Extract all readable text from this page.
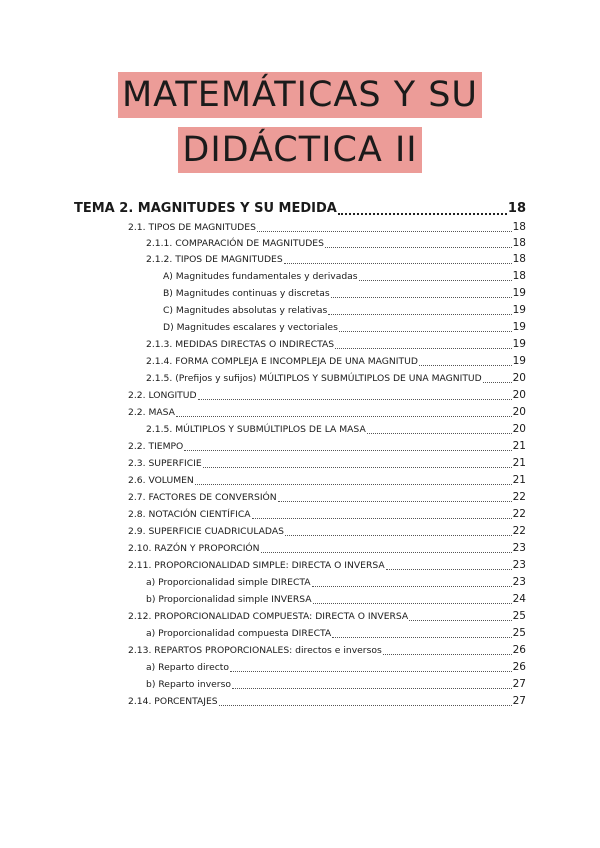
MATEMÁTICAS Y SU
DIDÁCTICA II
TEMA 2. MAGNITUDES Y SU MEDIDA	18
2.1. TIPOS DE MAGNITUDES	18
2.1.1. COMPARACIÓN DE MAGNITUDES	18
2.1.2. TIPOS DE MAGNITUDES	18
A) Magnitudes fundamentales y derivadas	18
B) Magnitudes continuas y discretas	19
C) Magnitudes absolutas y relativas	19
D) Magnitudes escalares y vectoriales	19
2.1.3. MEDIDAS DIRECTAS O INDIRECTAS	19
2.1.4. FORMA COMPLEJA E INCOMPLEJA DE UNA MAGNITUD	19
2.1.5. (Prefijos y sufijos) MÚLTIPLOS Y SUBMÚLTIPLOS DE UNA MAGNITUD	20
2.2. LONGITUD	20
2.2. MASA	20
2.1.5. MÚLTIPLOS Y SUBMÚLTIPLOS DE LA MASA	20
2.2. TIEMPO	21
2.3. SUPERFICIE	21
2.6. VOLUMEN	21
2.7. FACTORES DE CONVERSIÓN	22
2.8. NOTACIÓN CIENTÍFICA	22
2.9. SUPERFICIE CUADRICULADAS	22
2.10. RAZÓN Y PROPORCIÓN	23
2.11. PROPORCIONALIDAD SIMPLE: DIRECTA O INVERSA	23
a) Proporcionalidad simple DIRECTA	23
b) Proporcionalidad simple INVERSA	24
2.12. PROPORCIONALIDAD COMPUESTA: DIRECTA O INVERSA	25
a) Proporcionalidad compuesta DIRECTA	25
2.13. REPARTOS PROPORCIONALES: directos e inversos	26
a) Reparto directo	26
b) Reparto inverso	27
2.14. PORCENTAJES	27
